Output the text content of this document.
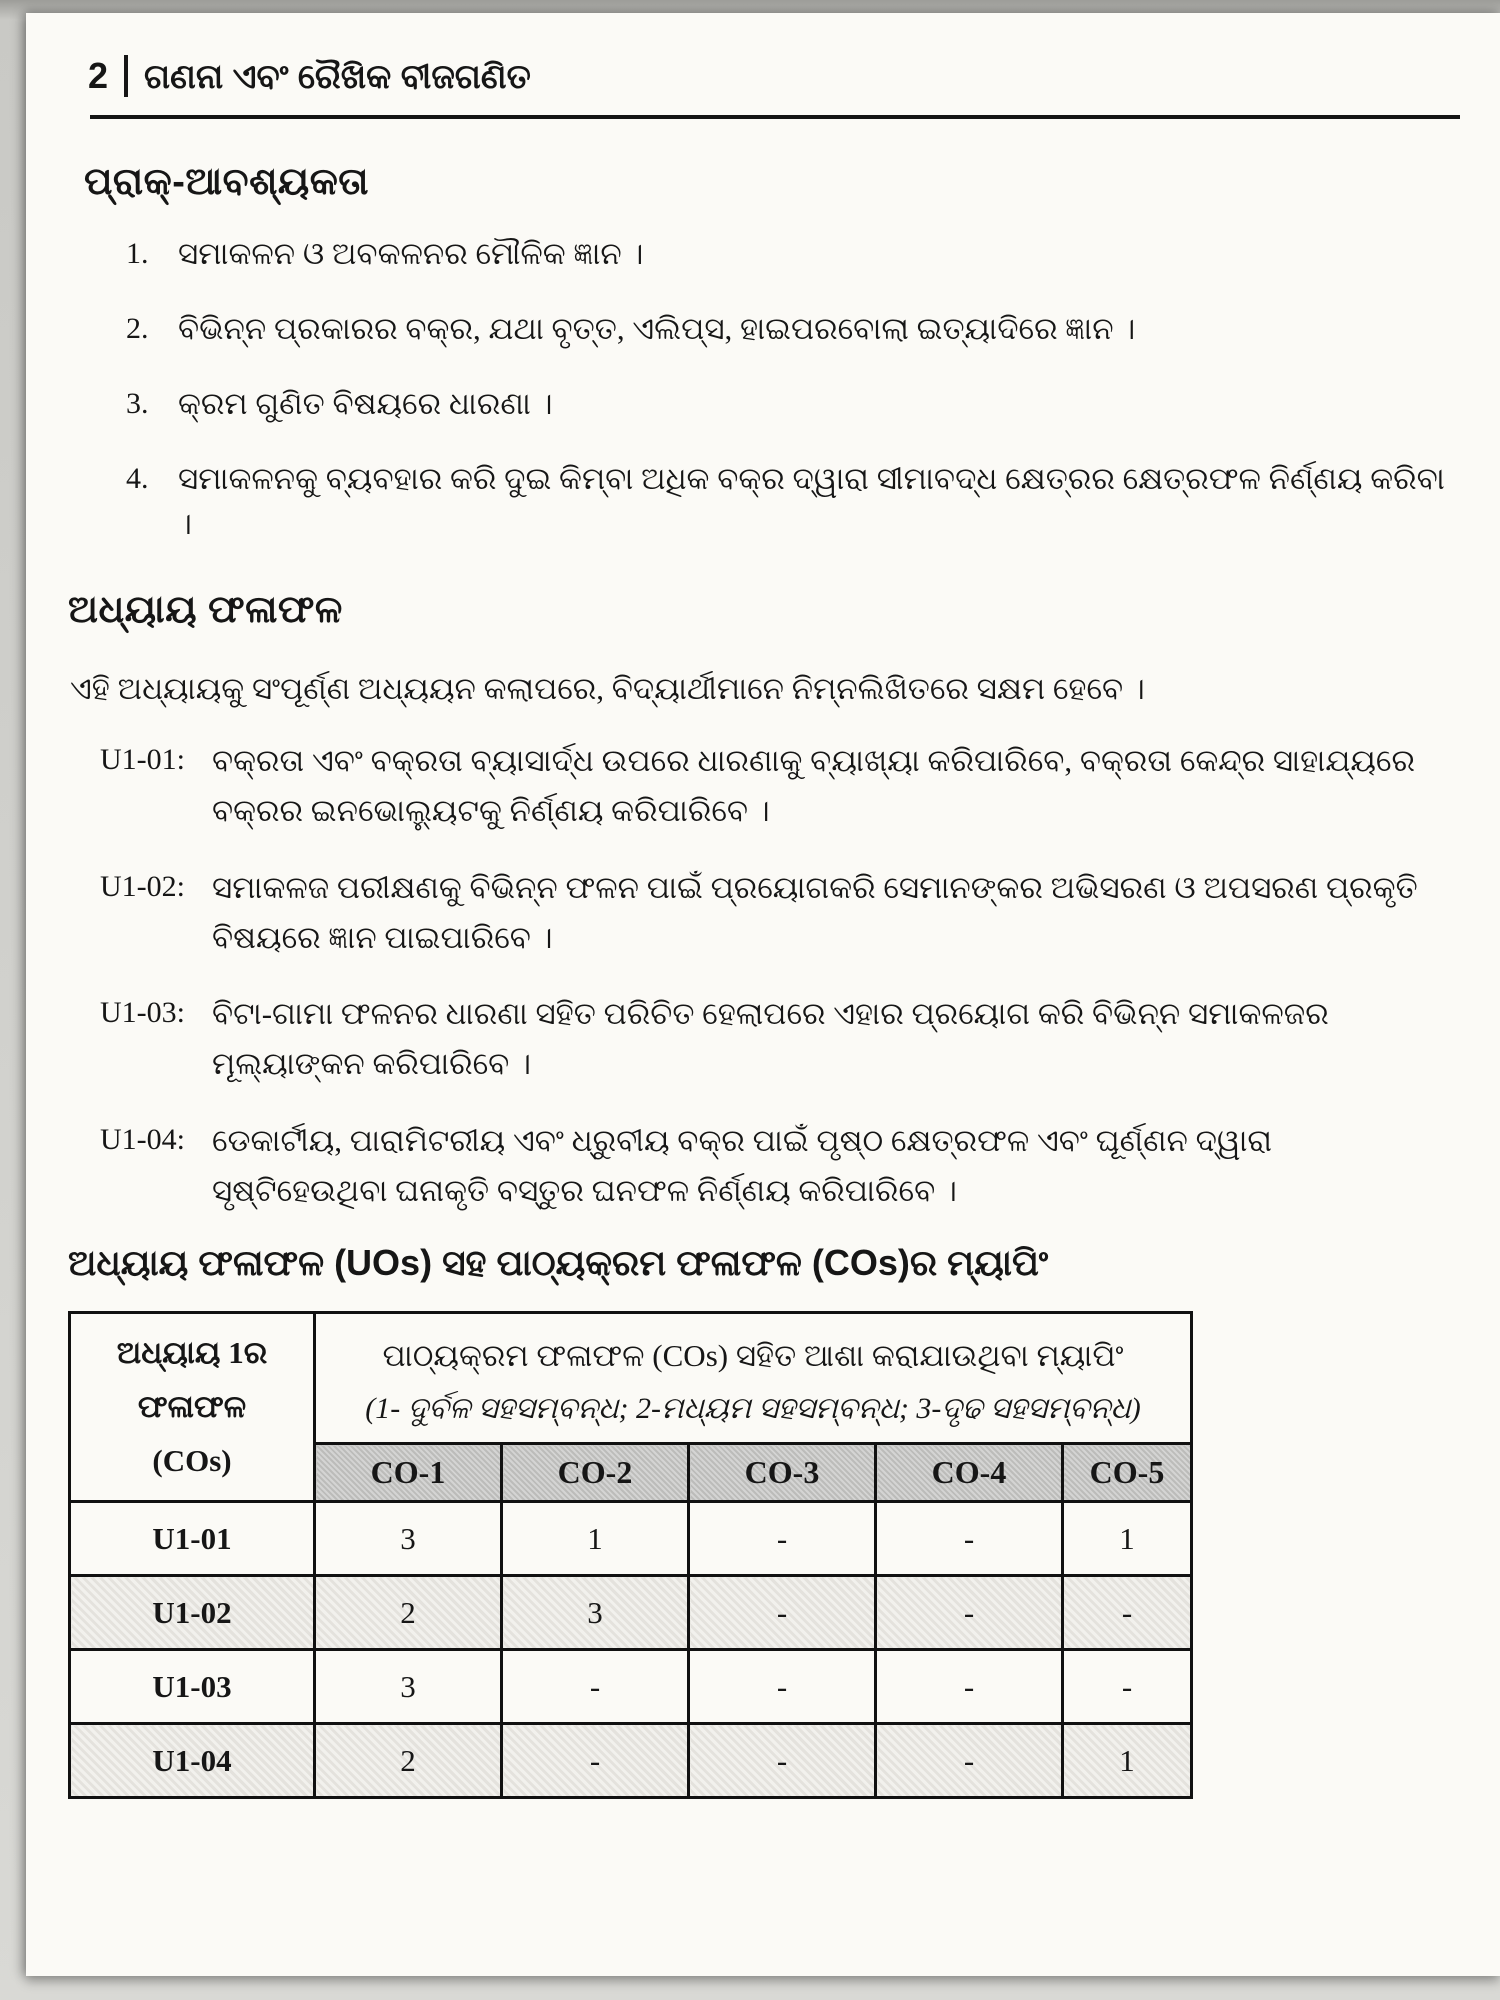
2 ଗଣନା ଏବଂ ରୈଖିକ ବୀଜଗଣିତ
ପ୍ରାକ୍-ଆବଶ୍ୟକତା
1. ସମାକଳନ ଓ ଅବକଳନର ମୌଳିକ ଜ୍ଞାନ ।
2. ବିଭିନ୍ନ ପ୍ରକାରର ବକ୍ର, ଯଥା ବୃତ୍ତ, ଏଲିପ୍ସ, ହାଇପରବୋଲା ଇତ୍ୟାଦିରେ ଜ୍ଞାନ ।
3. କ୍ରମ ଗୁଣିତ ବିଷୟରେ ଧାରଣା ।
4. ସମାକଳନକୁ ବ୍ୟବହାର କରି ଦୁଇ କିମ୍ବା ଅଧିକ ବକ୍ର ଦ୍ୱାରା ସୀମାବଦ୍ଧ କ୍ଷେତ୍ରର କ୍ଷେତ୍ରଫଳ ନିର୍ଣ୍ଣୟ କରିବା ।
ଅଧ୍ୟାୟ ଫଳାଫଳ

ଏହି ଅଧ୍ୟାୟକୁ ସଂପୂର୍ଣ୍ଣ ଅଧ୍ୟୟନ କଲାପରେ, ବିଦ୍ୟାର୍ଥୀମାନେ ନିମ୍ନଲିଖିତରେ ସକ୍ଷମ ହେବେ ।

U1-01: ବକ୍ରତା ଏବଂ ବକ୍ରତା ବ୍ୟାସାର୍ଦ୍ଧ ଉପରେ ଧାରଣାକୁ ବ୍ୟାଖ୍ୟା କରିପାରିବେ, ବକ୍ରତା କେନ୍ଦ୍ର ସାହାଯ୍ୟରେ ବକ୍ରର ଇନଭୋଲ୍ୟୁଟକୁ ନିର୍ଣ୍ଣୟ କରିପାରିବେ ।
U1-02: ସମାକଳଜ ପରୀକ୍ଷଣକୁ ବିଭିନ୍ନ ଫଳନ ପାଇଁ ପ୍ରୟୋଗକରି ସେମାନଙ୍କର ଅଭିସରଣ ଓ ଅପସରଣ ପ୍ରକୃତି ବିଷୟରେ ଜ୍ଞାନ ପାଇପାରିବେ ।
U1-03: ବିଟା-ଗାମା ଫଳନର ଧାରଣା ସହିତ ପରିଚିତ ହେଲାପରେ ଏହାର ପ୍ରୟୋଗ କରି ବିଭିନ୍ନ ସମାକଳଜର ମୂଲ୍ୟାଙ୍କନ କରିପାରିବେ ।
U1-04: ଡେକାର୍ଟୀୟ, ପାରାମିଟରୀୟ ଏବଂ ଧ୍ରୁବୀୟ ବକ୍ର ପାଇଁ ପୃଷ୍ଠ କ୍ଷେତ୍ରଫଳ ଏବଂ ଘୂର୍ଣ୍ଣନ ଦ୍ୱାରା ସୃଷ୍ଟିହେଉଥିବା ଘନାକୃତି ବସ୍ତୁର ଘନଫଳ ନିର୍ଣ୍ଣୟ କରିପାରିବେ ।
ଅଧ୍ୟାୟ ଫଳାଫଳ (UOs) ସହ ପାଠ୍ୟକ୍ରମ ଫଳାଫଳ (COs)ର ମ୍ୟାପିଂ
ଅଧ୍ୟାୟ 1ର
ଫଳାଫଳ
(COs)	ପାଠ୍ୟକ୍ରମ ଫଳାଫଳ (COs) ସହିତ ଆଶା କରାଯାଉଥିବା ମ୍ୟାପିଂ
(1- ଦୁର୍ବଳ ସହସମ୍ବନ୍ଧ; 2-ମଧ୍ୟମ ସହସମ୍ବନ୍ଧ; 3-ଦୃଢ ସହସମ୍ବନ୍ଧ)				

	CO-1	CO-2	CO-3	CO-4	CO-5
U1-01	3	1	-	-	1
U1-02	2	3	-	-	-
U1-03	3	-	-	-	-
U1-04	2	-	-	-	1
